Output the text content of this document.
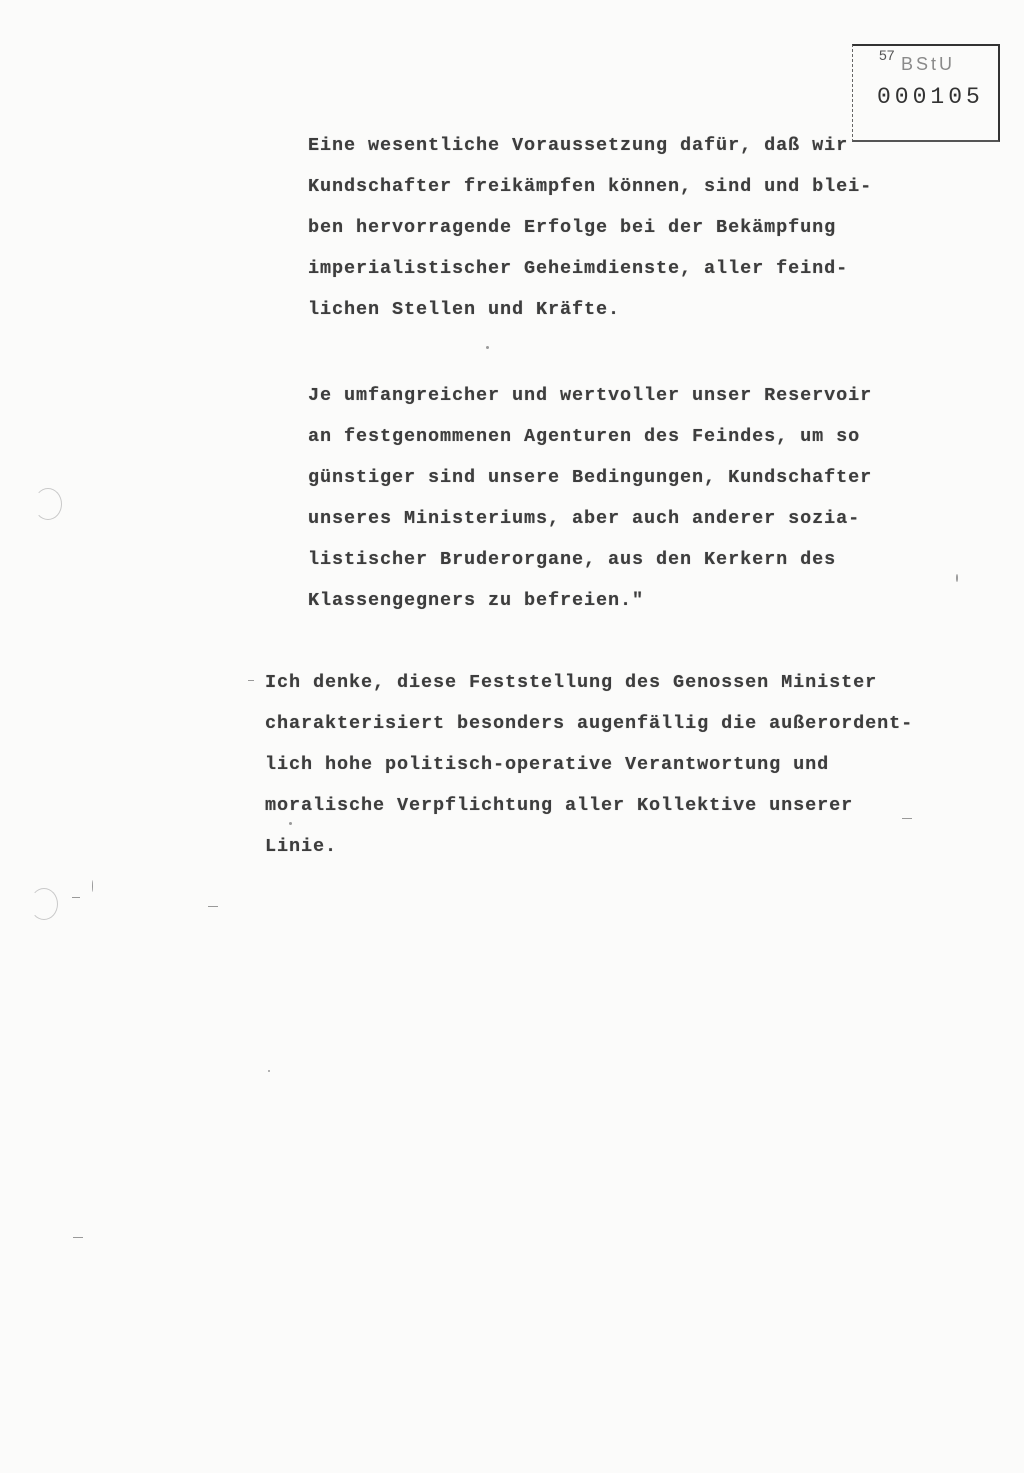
57 BStU
000105

Eine wesentliche Voraussetzung dafür, daß wir
Kundschafter freikämpfen können, sind und blei-
ben hervorragende Erfolge bei der Bekämpfung
imperialistischer Geheimdienste, aller feind-
lichen Stellen und Kräfte.

Je umfangreicher und wertvoller unser Reservoir
an festgenommenen Agenturen des Feindes, um so
günstiger sind unsere Bedingungen, Kundschafter
unseres Ministeriums, aber auch anderer sozia-
listischer Bruderorgane, aus den Kerkern des
Klassengegners zu befreien."

Ich denke, diese Feststellung des Genossen Minister
charakterisiert besonders augenfällig die außerordent-
lich hohe politisch-operative Verantwortung und
moralische Verpflichtung aller Kollektive unserer
Linie.
